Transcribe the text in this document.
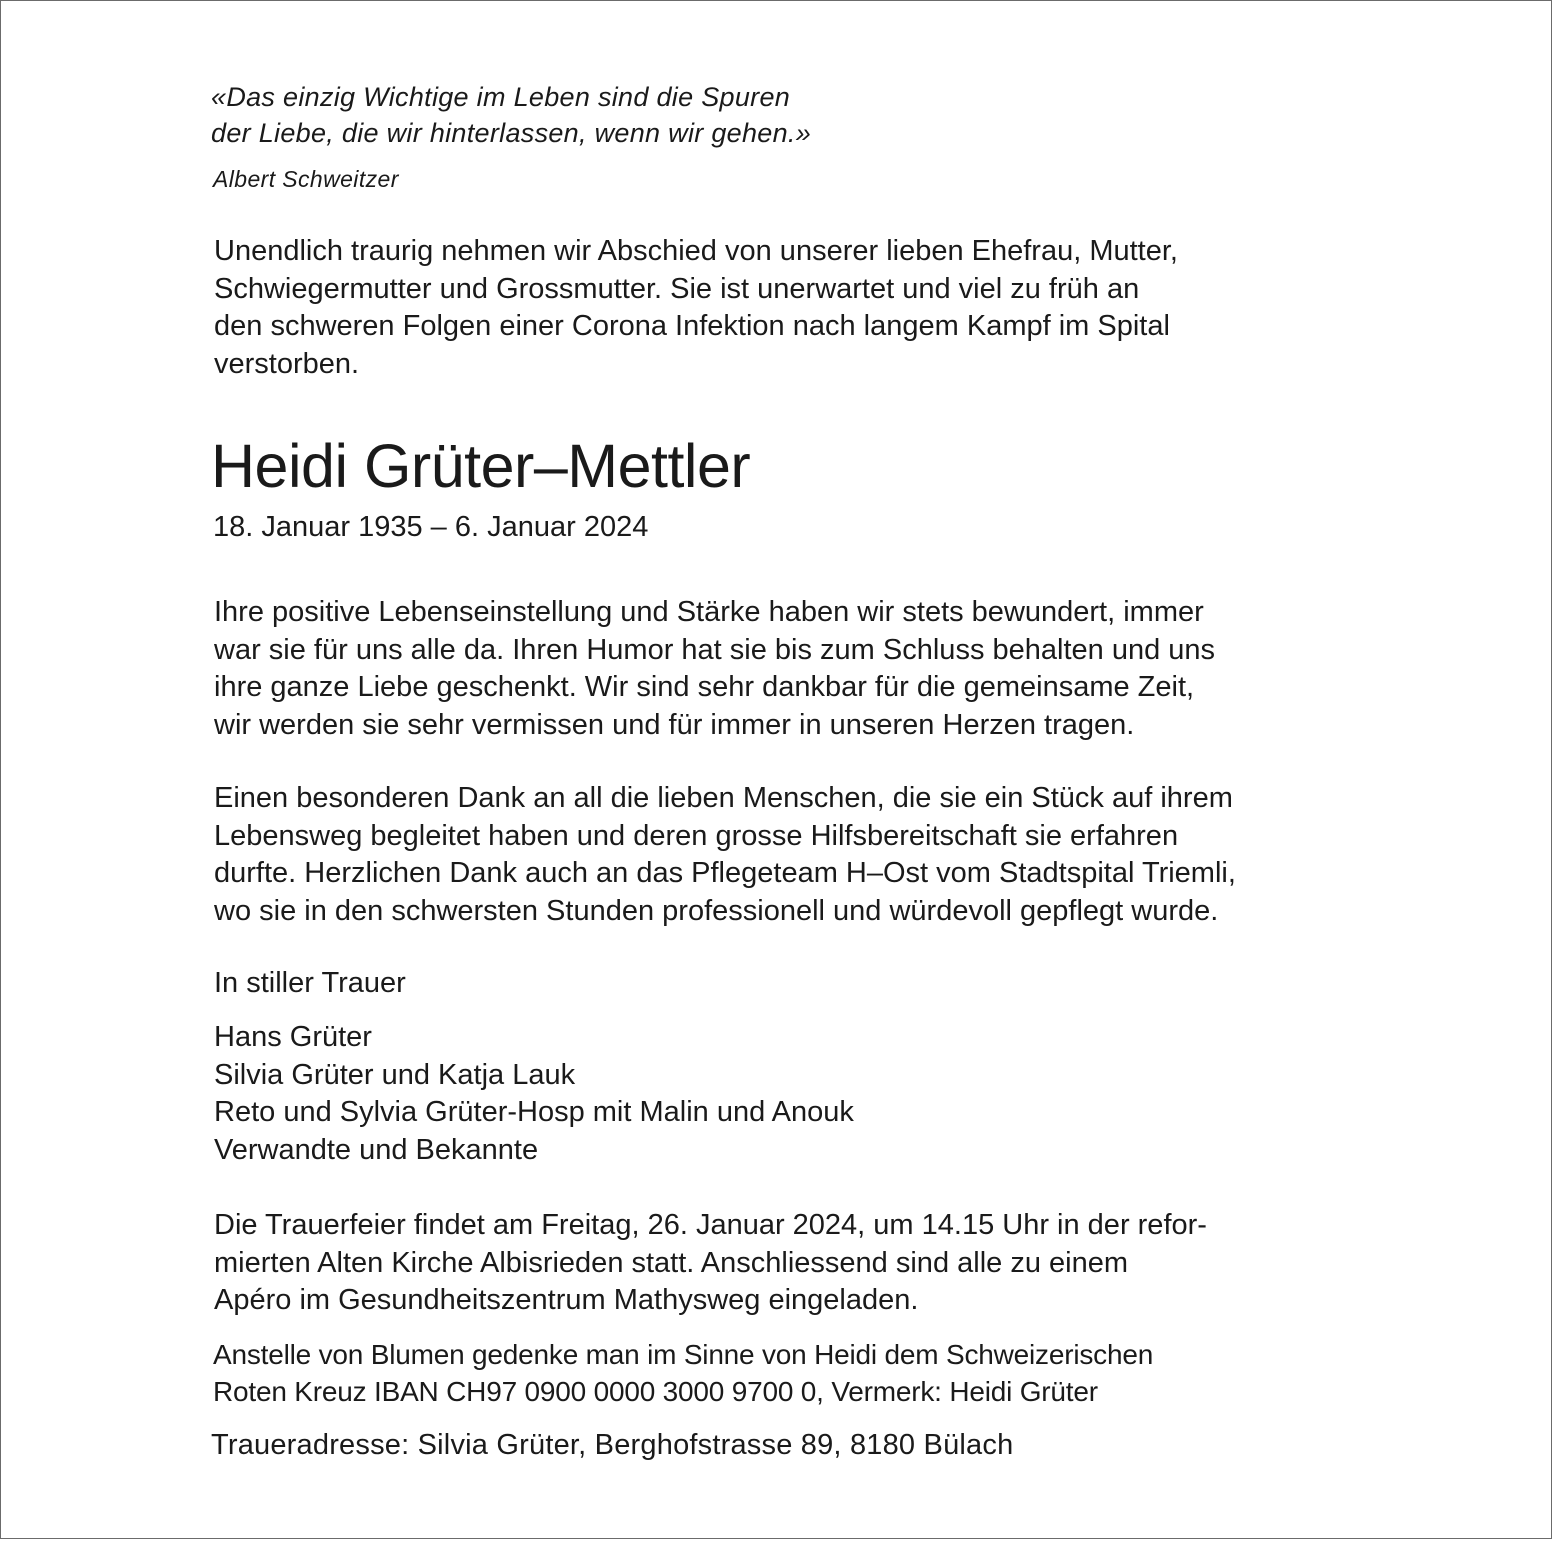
«Das einzig Wichtige im Leben sind die Spuren
der Liebe, die wir hinterlassen, wenn wir gehen.»

Albert Schweitzer

Unendlich traurig nehmen wir Abschied von unserer lieben Ehefrau, Mutter,
Schwiegermutter und Grossmutter. Sie ist unerwartet und viel zu früh an
den schweren Folgen einer Corona Infektion nach langem Kampf im Spital
verstorben.
Heidi Grüter–Mettler

18. Januar 1935 – 6. Januar 2024

Ihre positive Lebenseinstellung und Stärke haben wir stets bewundert, immer
war sie für uns alle da. Ihren Humor hat sie bis zum Schluss behalten und uns
ihre ganze Liebe geschenkt. Wir sind sehr dankbar für die gemeinsame Zeit,
wir werden sie sehr vermissen und für immer in unseren Herzen tragen.
Einen besonderen Dank an all die lieben Menschen, die sie ein Stück auf ihrem
Lebensweg begleitet haben und deren grosse Hilfsbereitschaft sie erfahren
durfte. Herzlichen Dank auch an das Pflegeteam H–Ost vom Stadtspital Triemli,
wo sie in den schwersten Stunden professionell und würdevoll gepflegt wurde.

In stiller Trauer

Hans Grüter
Silvia Grüter und Katja Lauk
Reto und Sylvia Grüter-Hosp mit Malin und Anouk
Verwandte und Bekannte
Die Trauerfeier findet am Freitag, 26. Januar 2024, um 14.15 Uhr in der refor-
mierten Alten Kirche Albisrieden statt. Anschliessend sind alle zu einem
Apéro im Gesundheitszentrum Mathysweg eingeladen.
Anstelle von Blumen gedenke man im Sinne von Heidi dem Schweizerischen
Roten Kreuz IBAN CH97 0900 0000 3000 9700 0, Vermerk: Heidi Grüter

Traueradresse: Silvia Grüter, Berghofstrasse 89, 8180 Bülach
